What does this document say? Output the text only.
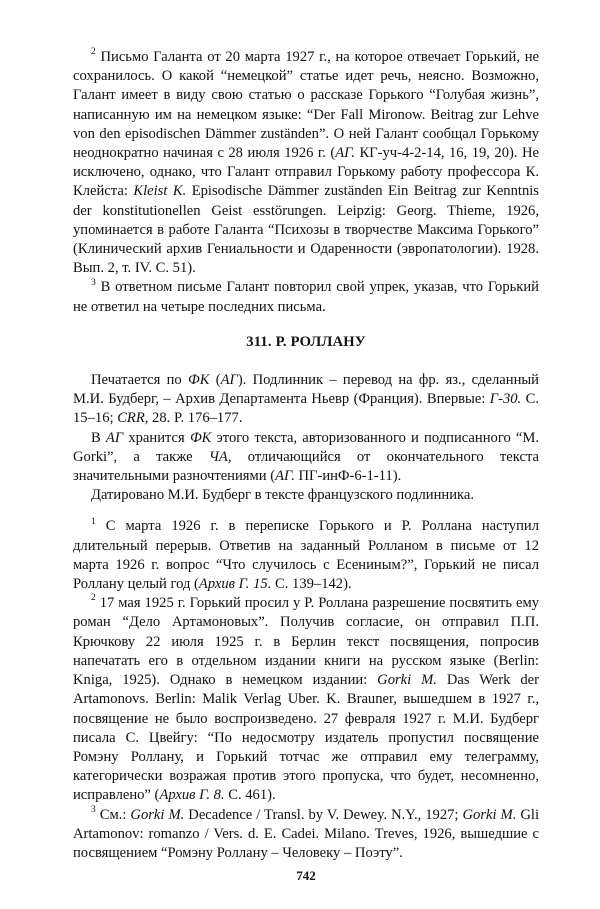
$^2$ Письмо Галанта от 20 марта 1927 г., на которое отвечает Горький, не сохранилось. О какой “немецкой” статье идет речь, неясно. Возможно, Галант имеет в виду свою статью о рассказе Горького “Голубая жизнь”, написанную им на немецком языке: “Der Fall Mironow. Beitrag zur Lehve von den episodischen Dämmer zuständen”. О ней Галант сообщал Горькому неоднократно начиная с 28 июля 1926 г. (АГ. КГ-уч-4-2-14, 16, 19, 20). Не исключено, однако, что Галант отправил Горькому работу профессора К. Клейста: Kleist K. Episodische Dämmer zuständen Ein Beitrag zur Kenntnis der konstitutionellen Geist esstörungen. Leipzig: Georg. Thieme, 1926, упоминается в работе Галанта “Психозы в творчестве Максима Горького” (Клинический архив Гениальности и Одаренности (эвропатологии). 1928. Вып. 2, т. IV. С. 51).

$^3$ В ответном письме Галант повторил свой упрек, указав, что Горький не ответил на четыре последних письма.

311. Р. РОЛЛАНУ

Печатается по ФК (АГ). Подлинник – перевод на фр. яз., сделанный М.И. Будберг, – Архив Департамента Ньевр (Франция). Впервые: Г-30. С. 15–16; CRR, 28. P. 176–177.

В АГ хранится ФК этого текста, авторизованного и подписанного “M. Gorki”, а также ЧА, отличающийся от окончательного текста значительными разночтениями (АГ. ПГ-инФ-6-1-11).

Датировано М.И. Будберг в тексте французского подлинника.

$^1$ С марта 1926 г. в переписке Горького и Р. Роллана наступил длительный перерыв. Ответив на заданный Ролланом в письме от 12 марта 1926 г. вопрос “Что случилось с Есениным?”, Горький не писал Роллану целый год (Архив Г. 15. С. 139–142).

$^2$ 17 мая 1925 г. Горький просил у Р. Роллана разрешение посвятить ему роман “Дело Артамоновых”. Получив согласие, он отправил П.П. Крючкову 22 июля 1925 г. в Берлин текст посвящения, попросив напечатать его в отдельном издании книги на русском языке (Berlin: Kniga, 1925). Однако в немецком издании: Gorki M. Das Werk der Artamonovs. Berlin: Malik Verlag Uber. K. Brauner, вышедшем в 1927 г., посвящение не было воспроизведено. 27 февраля 1927 г. М.И. Будберг писала С. Цвейгу: “По недосмотру издатель пропустил посвящение Ромэну Роллану, и Горький тотчас же отправил ему телеграмму, категорически возражая против этого пропуска, что будет, несомненно, исправлено” (Архив Г. 8. С. 461).

$^3$ См.: Gorki M. Decadence / Transl. by V. Dewey. N.Y., 1927; Gorki M. Gli Artamonov: romanzo / Vers. d. E. Cadei. Milano. Treves, 1926, вышедшие с посвящением “Ромэну Роллану – Человеку – Поэту”.

742
